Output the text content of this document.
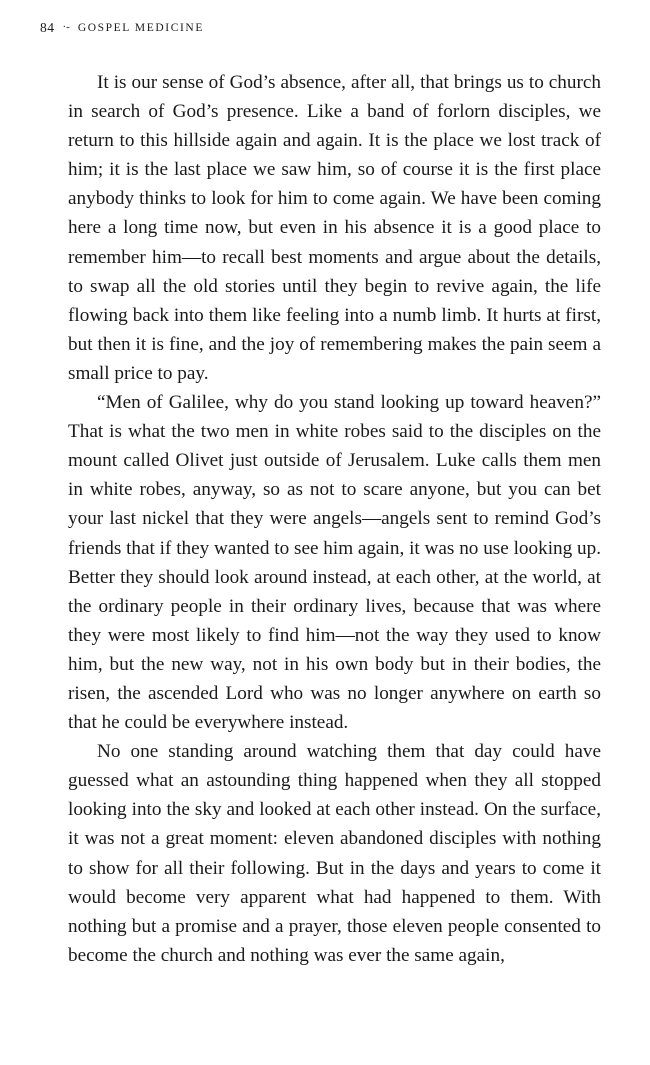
84 ·- GOSPEL MEDICINE

It is our sense of God’s absence, after all, that brings us to church in search of God’s presence. Like a band of forlorn disciples, we return to this hillside again and again. It is the place we lost track of him; it is the last place we saw him, so of course it is the first place anybody thinks to look for him to come again. We have been coming here a long time now, but even in his absence it is a good place to remember him—to recall best moments and argue about the details, to swap all the old stories until they begin to revive again, the life flowing back into them like feeling into a numb limb. It hurts at first, but then it is fine, and the joy of remembering makes the pain seem a small price to pay.

“Men of Galilee, why do you stand looking up toward heaven?” That is what the two men in white robes said to the disciples on the mount called Olivet just outside of Jerusalem. Luke calls them men in white robes, anyway, so as not to scare anyone, but you can bet your last nickel that they were angels—angels sent to remind God’s friends that if they wanted to see him again, it was no use looking up. Better they should look around instead, at each other, at the world, at the ordinary people in their ordinary lives, because that was where they were most likely to find him—not the way they used to know him, but the new way, not in his own body but in their bodies, the risen, the ascended Lord who was no longer anywhere on earth so that he could be everywhere instead.

No one standing around watching them that day could have guessed what an astounding thing happened when they all stopped looking into the sky and looked at each other instead. On the surface, it was not a great moment: eleven abandoned disciples with nothing to show for all their following. But in the days and years to come it would become very apparent what had happened to them. With nothing but a promise and a prayer, those eleven people consented to become the church and nothing was ever the same again,
